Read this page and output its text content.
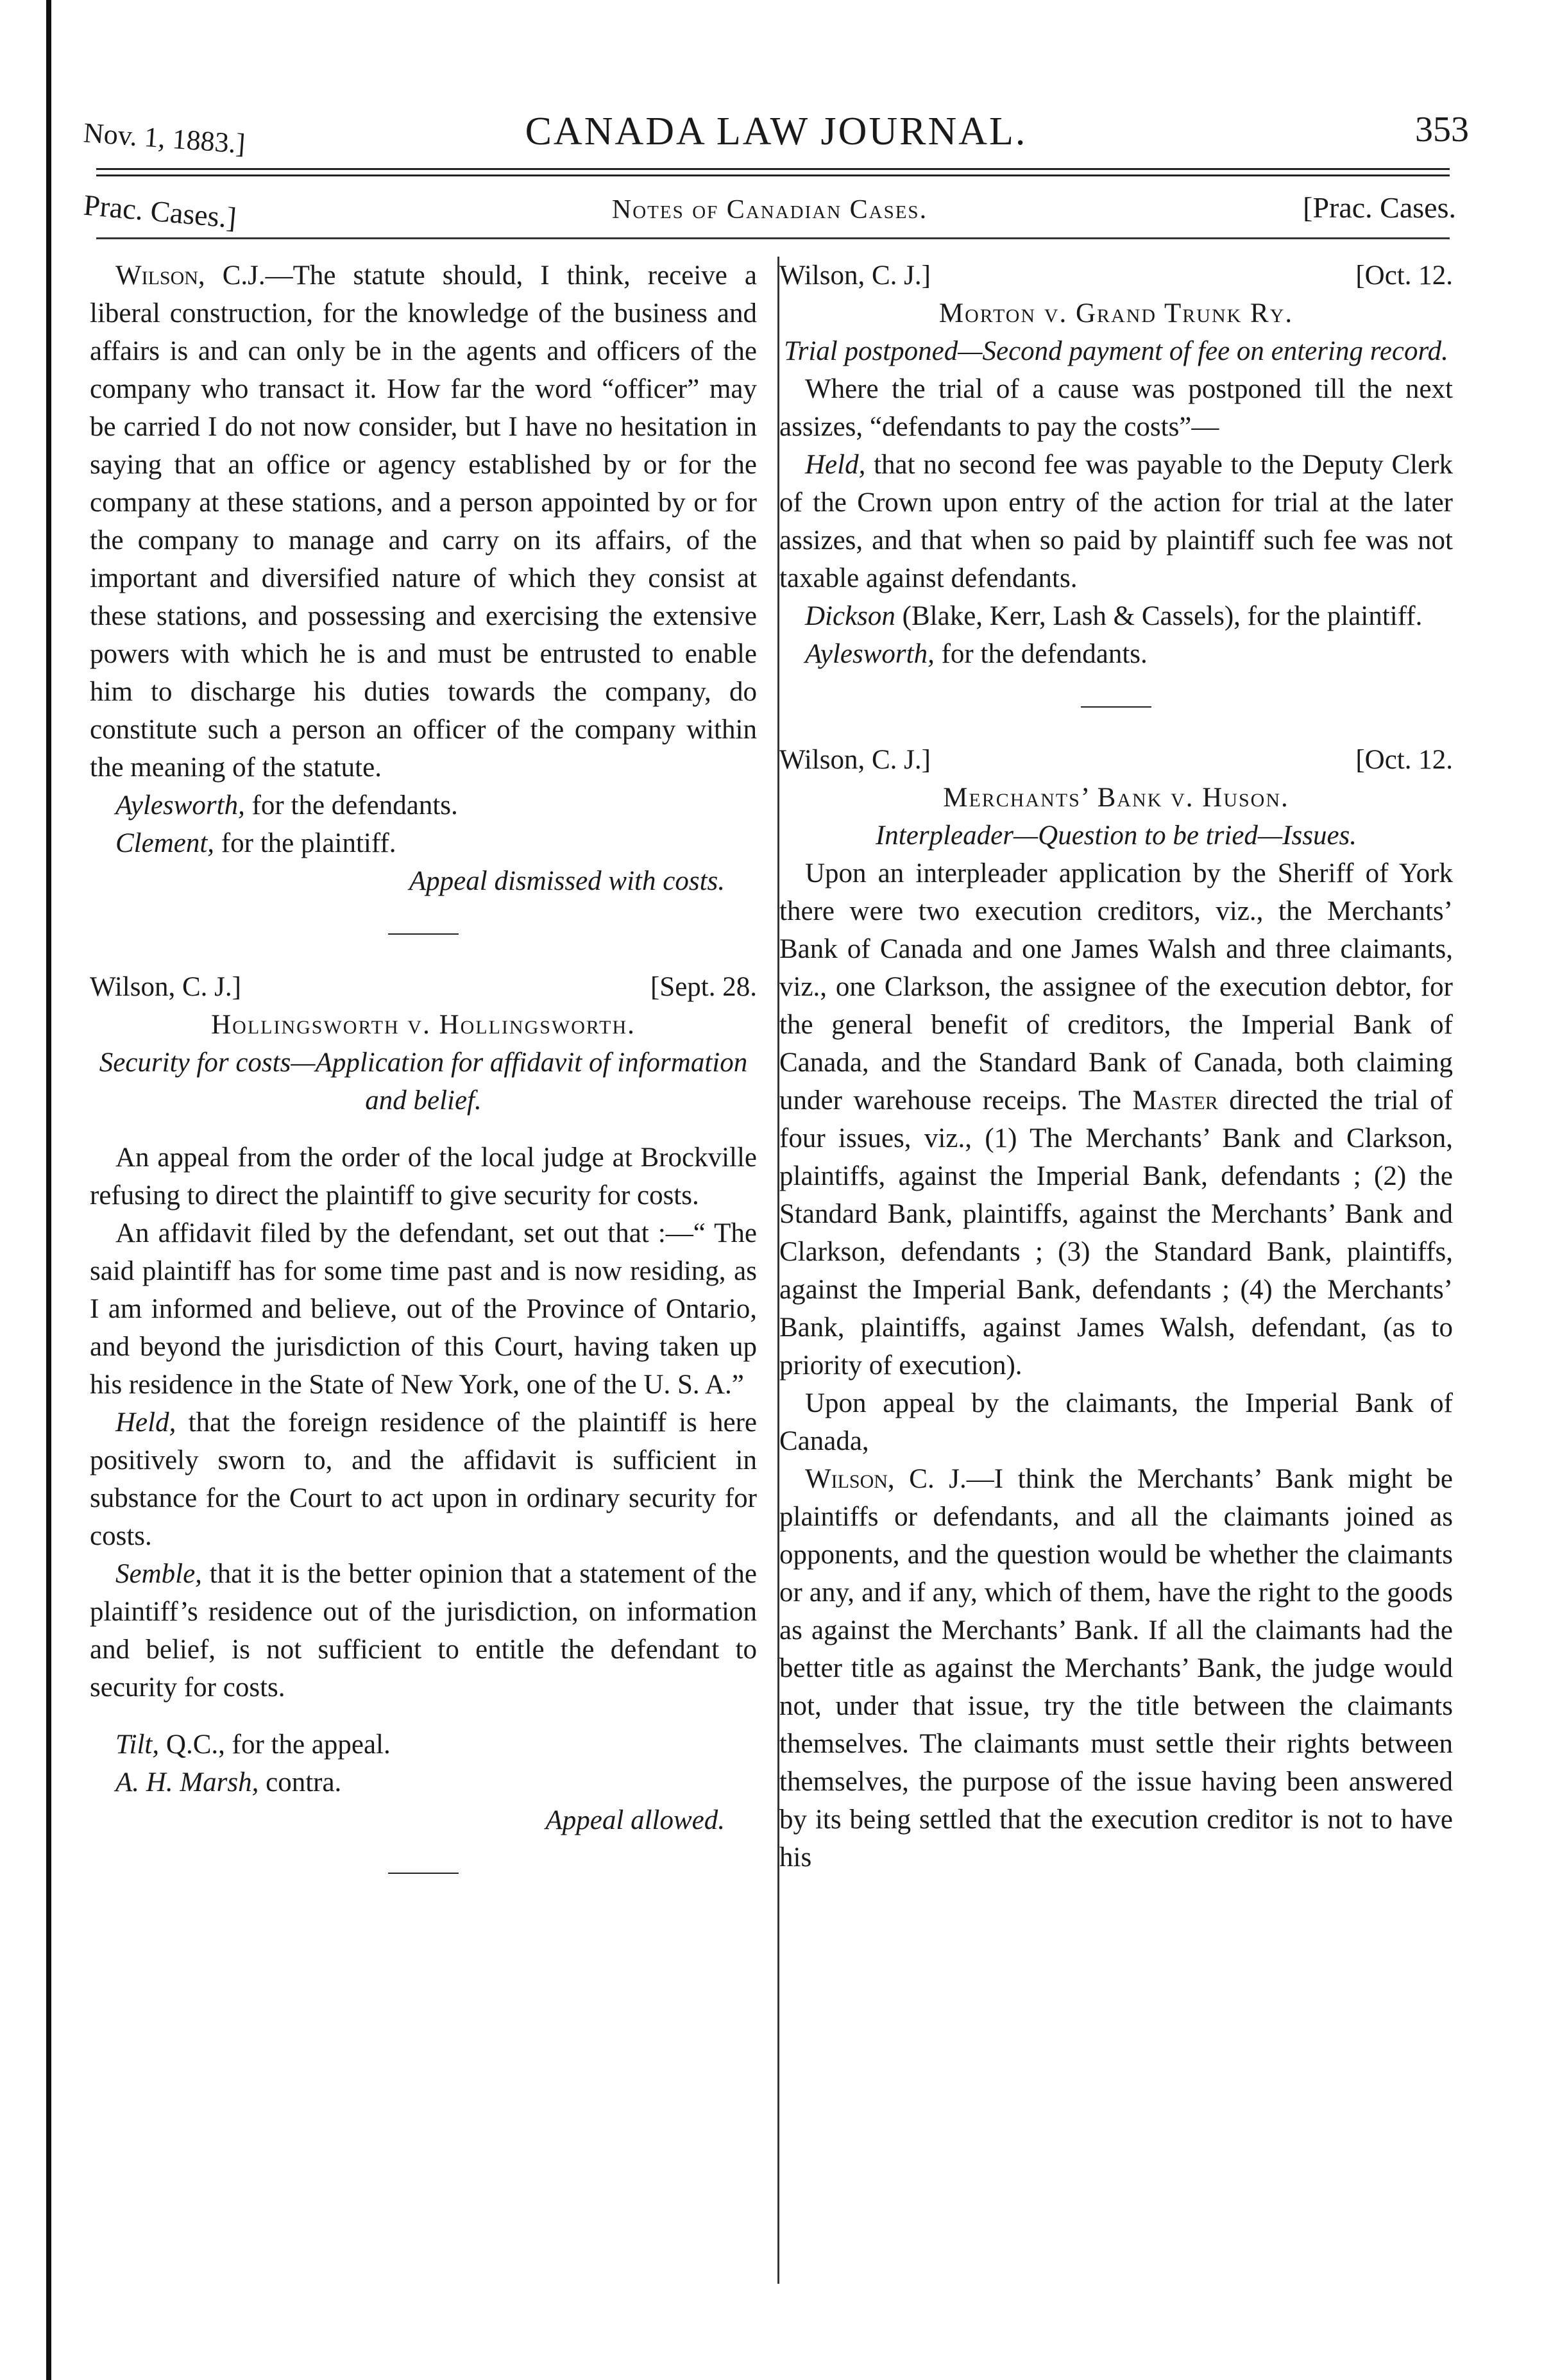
Nov. 1, 1883.]	CANADA LAW JOURNAL.	353
Prac. Cases.]	Notes of Canadian Cases.	[Prac. Cases.

Wilson, C.J.—The statute should, I think, receive a liberal construction, for the knowledge of the business and affairs is and can only be in the agents and officers of the company who transact it. How far the word “officer” may be carried I do not now consider, but I have no hesitation in saying that an office or agency established by or for the company at these stations, and a person appointed by or for the company to manage and carry on its affairs, of the important and diversified nature of which they consist at these stations, and possessing and exercising the extensive powers with which he is and must be entrusted to enable him to discharge his duties towards the company, do constitute such a person an officer of the company within the meaning of the statute.

Aylesworth, for the defendants.

Clement, for the plaintiff.

Appeal dismissed with costs.

Wilson, C. J.]	[Sept. 28.

Hollingsworth v. Hollingsworth.

Security for costs—Application for affidavit of information and belief.

An appeal from the order of the local judge at Brockville refusing to direct the plaintiff to give security for costs.

An affidavit filed by the defendant, set out that :—“ The said plaintiff has for some time past and is now residing, as I am informed and believe, out of the Province of Ontario, and beyond the jurisdiction of this Court, having taken up his residence in the State of New York, one of the U. S. A.”

Held, that the foreign residence of the plaintiff is here positively sworn to, and the affidavit is sufficient in substance for the Court to act upon in ordinary security for costs.

Semble, that it is the better opinion that a statement of the plaintiff’s residence out of the jurisdiction, on information and belief, is not sufficient to entitle the defendant to security for costs.

Tilt, Q.C., for the appeal.

A. H. Marsh, contra.

Appeal allowed.

Wilson, C. J.]	[Oct. 12.

Morton v. Grand Trunk Ry.

Trial postponed—Second payment of fee on entering record.

Where the trial of a cause was postponed till the next assizes, “defendants to pay the costs”—

Held, that no second fee was payable to the Deputy Clerk of the Crown upon entry of the action for trial at the later assizes, and that when so paid by plaintiff such fee was not taxable against defendants.

Dickson (Blake, Kerr, Lash & Cassels), for the plaintiff.

Aylesworth, for the defendants.

Wilson, C. J.]	[Oct. 12.

Merchants’ Bank v. Huson.

Interpleader—Question to be tried—Issues.

Upon an interpleader application by the Sheriff of York there were two execution creditors, viz., the Merchants’ Bank of Canada and one James Walsh and three claimants, viz., one Clarkson, the assignee of the execution debtor, for the general benefit of creditors, the Imperial Bank of Canada, and the Standard Bank of Canada, both claiming under warehouse receips. The Master directed the trial of four issues, viz., (1) The Merchants’ Bank and Clarkson, plaintiffs, against the Imperial Bank, defendants ; (2) the Standard Bank, plaintiffs, against the Merchants’ Bank and Clarkson, defendants ; (3) the Standard Bank, plaintiffs, against the Imperial Bank, defendants ; (4) the Merchants’ Bank, plaintiffs, against James Walsh, defendant, (as to priority of execution).

Upon appeal by the claimants, the Imperial Bank of Canada,

Wilson, C. J.—I think the Merchants’ Bank might be plaintiffs or defendants, and all the claimants joined as opponents, and the question would be whether the claimants or any, and if any, which of them, have the right to the goods as against the Merchants’ Bank. If all the claimants had the better title as against the Merchants’ Bank, the judge would not, under that issue, try the title between the claimants themselves. The claimants must settle their rights between themselves, the purpose of the issue having been answered by its being settled that the execution creditor is not to have his
